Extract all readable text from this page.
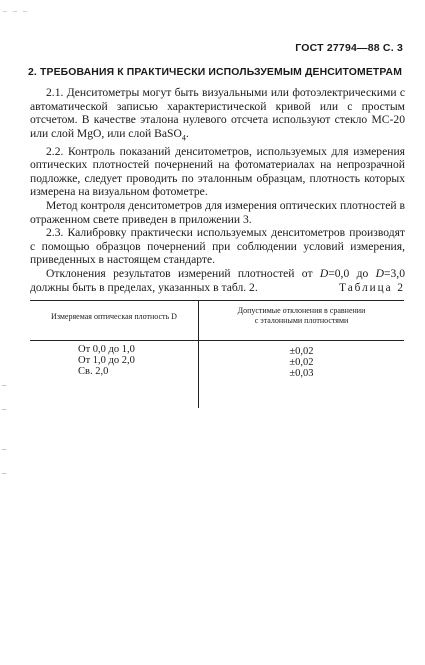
– – –
–
–
–
–
ГОСТ 27794—88 С. 3
2. ТРЕБОВАНИЯ К ПРАКТИЧЕСКИ ИСПОЛЬЗУЕМЫМ ДЕНСИТОМЕТРАМ

2.1. Денситометры могут быть визуальными или фотоэлектрическими с автоматической записью характеристической кривой или с простым отсчетом. В качестве эталона нулевого отсчета используют стекло МС-20 или слой MgO, или слой BaSO$_4$.

2.2. Контроль показаний денситометров, используемых для измерения оптических плотностей почернений на фотоматериалах на непрозрачной подложке, следует проводить по эталонным образцам, плотность которых измерена на визуальном фотометре.

Метод контроля денситометров для измерения оптических плотностей в отраженном свете приведен в приложении 3.

2.3. Калибровку практически используемых денситометров производят с помощью образцов почернений при соблюдении условий измерения, приведенных в настоящем стандарте.

Отклонения результатов измерений плотностей от D=0,0 до D=3,0 должны быть в пределах, указанных в табл. 2.	Таблица 2
Измеряемая оптическая плотность D
Допустимые отклонения в сравнении
с эталонными плотностями
От 0,0 до 1,0
От 1,0 до 2,0
Св. 2,0
±0,02
±0,02
±0,03
